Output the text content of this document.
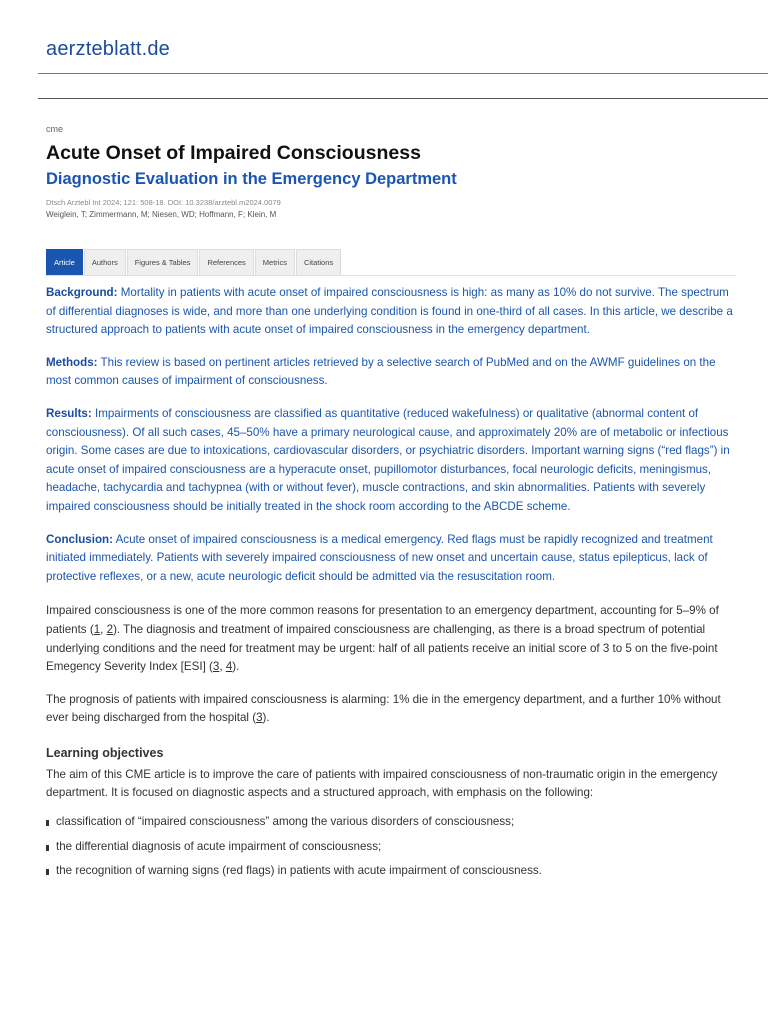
aerzteblatt.de
cme
Acute Onset of Impaired Consciousness
Diagnostic Evaluation in the Emergency Department
Dtsch Arztebl Int 2024; 121: 508-18. DOI: 10.3238/arztebl.m2024.0079
Weiglein, T; Zimmermann, M; Niesen, WD; Hoffmann, F; Klein, M
Article	Authors	Figures & Tables	References	Metrics	Citations

Background: Mortality in patients with acute onset of impaired consciousness is high: as many as 10% do not survive. The spectrum of differential diagnoses is wide, and more than one underlying condition is found in one-third of all cases. In this article, we describe a structured approach to patients with acute onset of impaired consciousness in the emergency department.

Methods: This review is based on pertinent articles retrieved by a selective search of PubMed and on the AWMF guidelines on the most common causes of impairment of consciousness.

Results: Impairments of consciousness are classified as quantitative (reduced wakefulness) or qualitative (abnormal content of consciousness). Of all such cases, 45–50% have a primary neurological cause, and approximately 20% are of metabolic or infectious origin. Some cases are due to intoxications, cardiovascular disorders, or psychiatric disorders. Important warning signs (“red flags”) in acute onset of impaired consciousness are a hyperacute onset, pupillomotor disturbances, focal neurologic deficits, meningismus, headache, tachycardia and tachypnea (with or without fever), muscle contractions, and skin abnormalities. Patients with severely impaired consciousness should be initially treated in the shock room according to the ABCDE scheme.

Conclusion: Acute onset of impaired consciousness is a medical emergency. Red flags must be rapidly recognized and treatment initiated immediately. Patients with severely impaired consciousness of new onset and uncertain cause, status epilepticus, lack of protective reflexes, or a new, acute neurologic deficit should be admitted via the resuscitation room.

Impaired consciousness is one of the more common reasons for presentation to an emergency department, accounting for 5–9% of patients (1, 2). The diagnosis and treatment of impaired consciousness are challenging, as there is a broad spectrum of potential underlying conditions and the need for treatment may be urgent: half of all patients receive an initial score of 3 to 5 on the five-point Emegency Severity Index [ESI] (3, 4).

The prognosis of patients with impaired consciousness is alarming: 1% die in the emergency department, and a further 10% without ever being discharged from the hospital (3).

Learning objectives

The aim of this CME article is to improve the care of patients with impaired consciousness of non-traumatic origin in the emergency department. It is focused on diagnostic aspects and a structured approach, with emphasis on the following:

classification of “impaired consciousness” among the various disorders of consciousness;
the differential diagnosis of acute impairment of consciousness;
the recognition of warning signs (red flags) in patients with acute impairment of consciousness.
